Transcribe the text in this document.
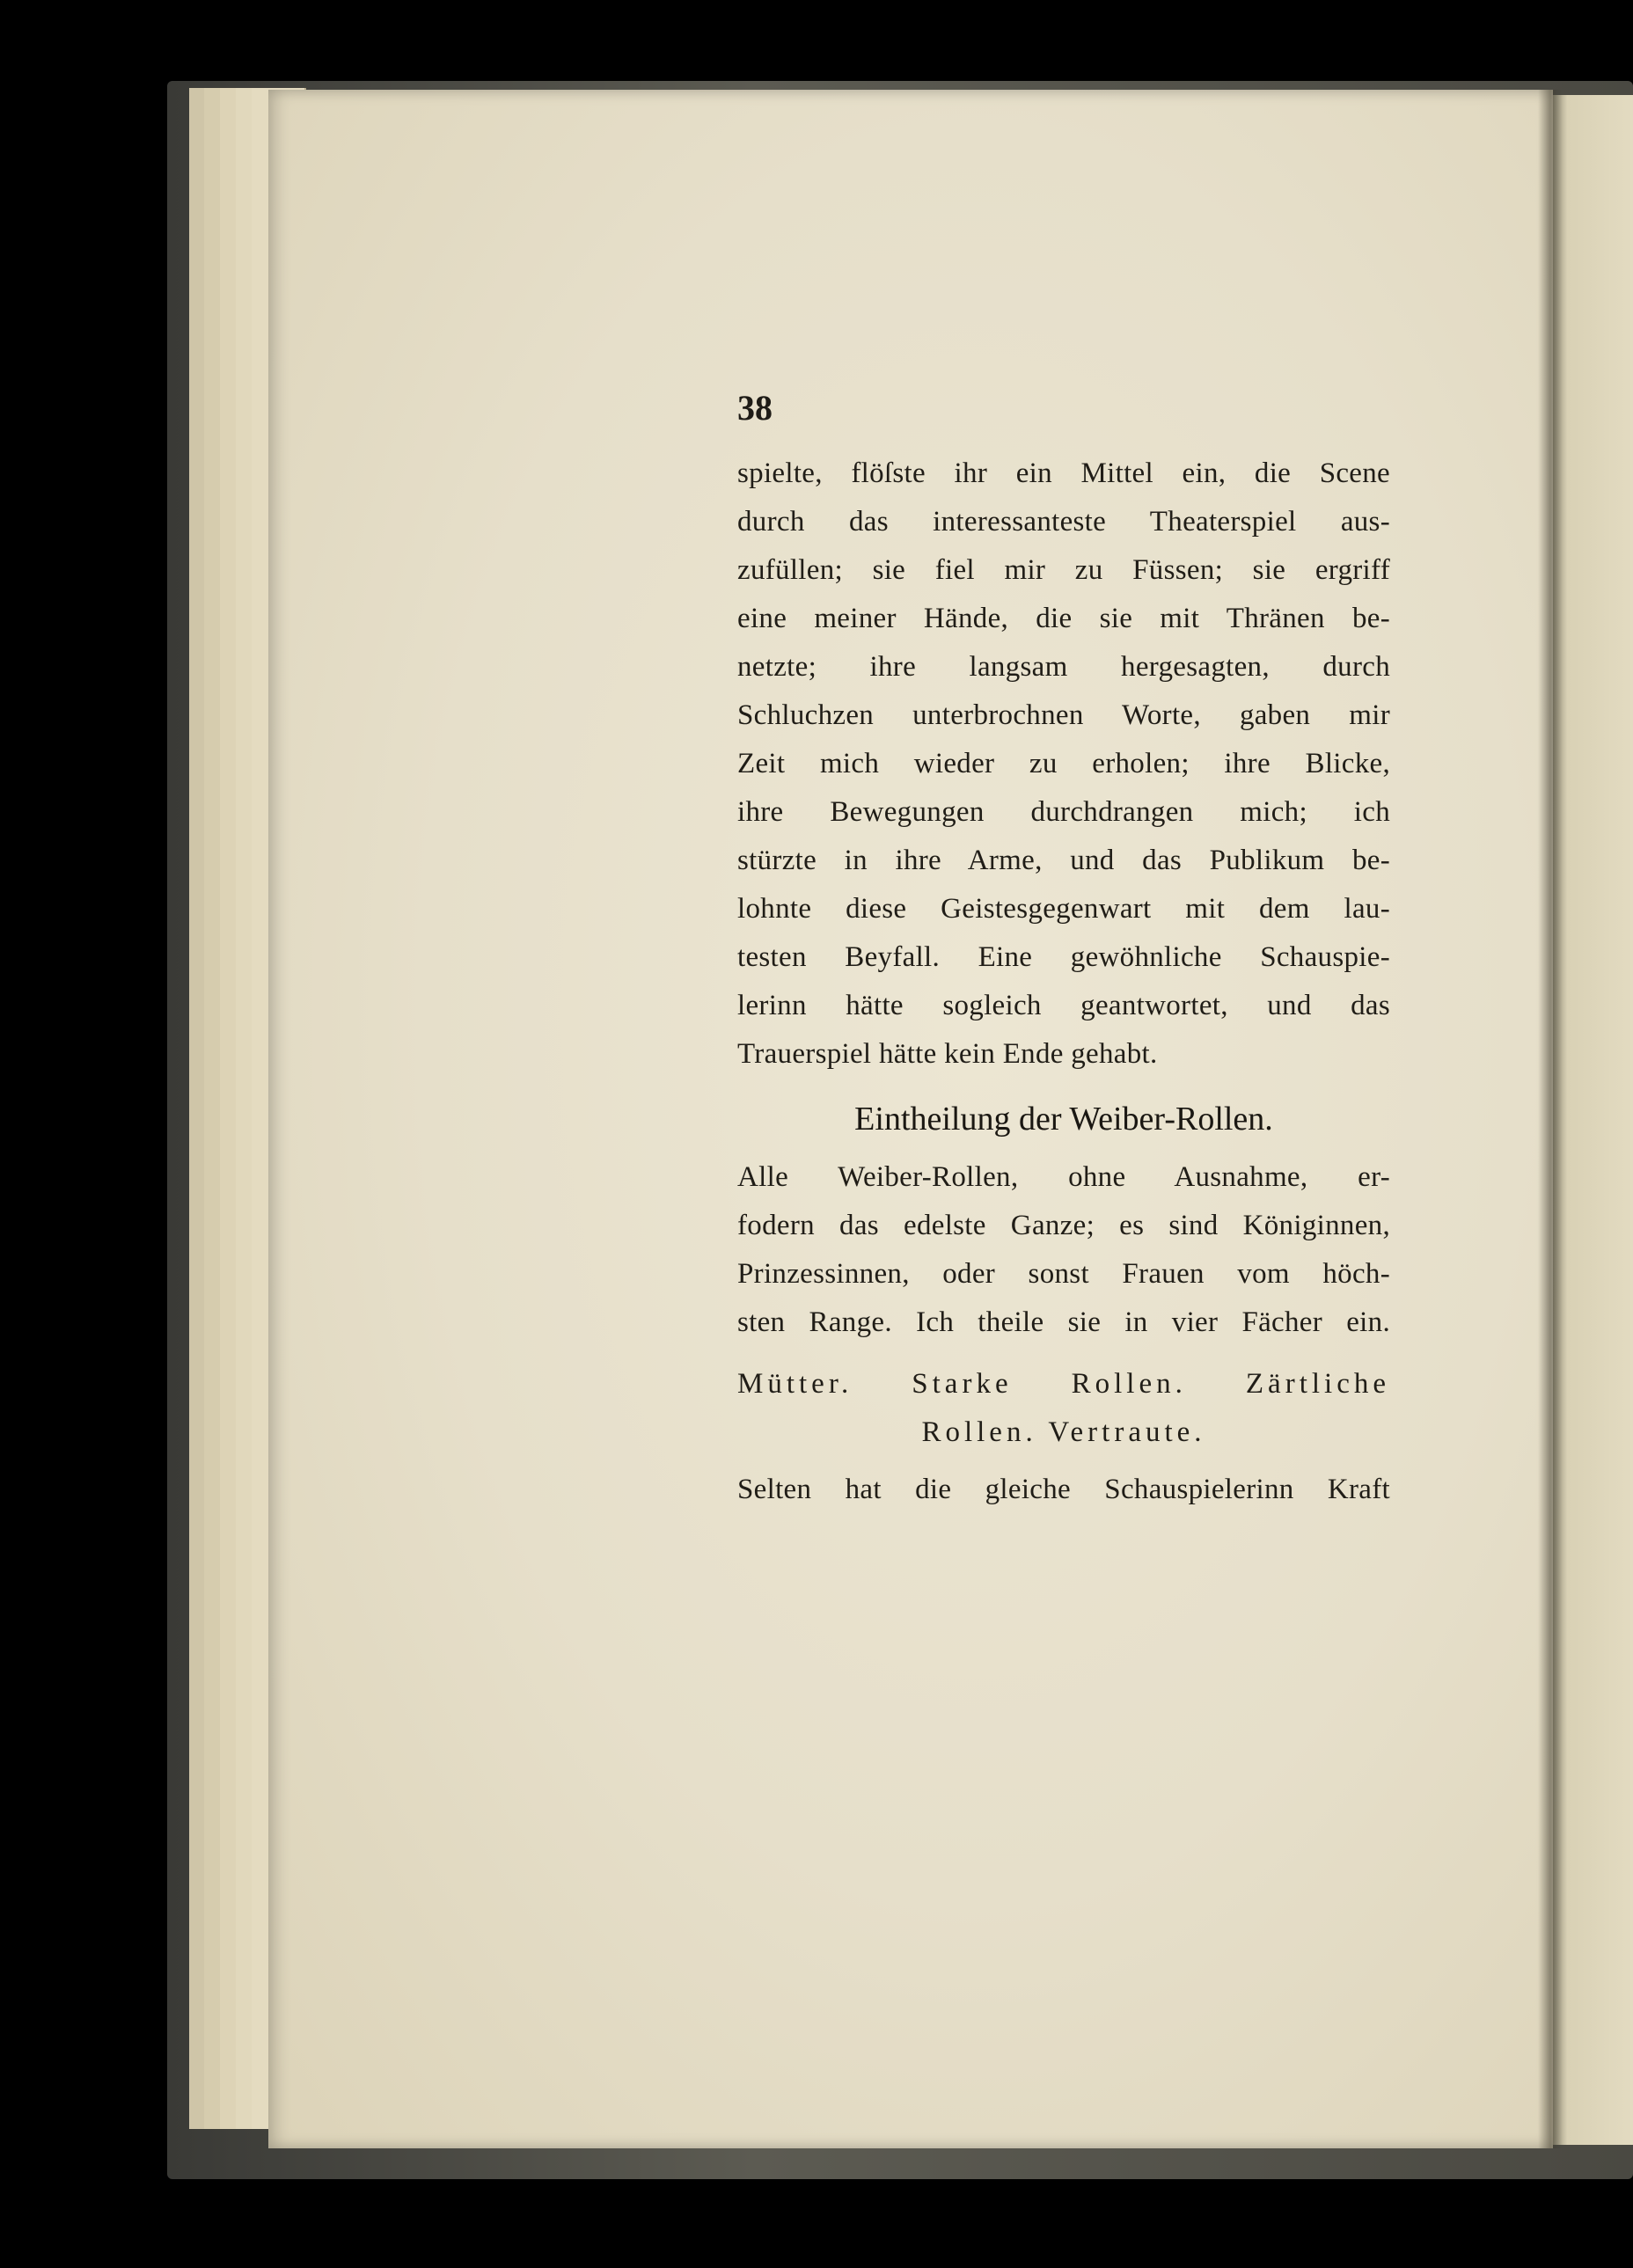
38
spielte, flöſste ihr ein Mittel ein, die Scene
durch das interessanteste Theaterspiel aus-
zufüllen; sie fiel mir zu Füssen; sie ergriff
eine meiner Hände, die sie mit Thränen be-
netzte; ihre langsam hergesagten, durch
Schluchzen unterbrochnen Worte, gaben mir
Zeit mich wieder zu erholen; ihre Blicke,
ihre Bewegungen durchdrangen mich; ich
stürzte in ihre Arme, und das Publikum be-
lohnte diese Geistesgegenwart mit dem lau-
testen Beyfall. Eine gewöhnliche Schauspie-
lerinn hätte sogleich geantwortet, und das
Trauerspiel hätte kein Ende gehabt.
Eintheilung der Weiber-Rollen.
Alle Weiber-Rollen, ohne Ausnahme, er-
fodern das edelste Ganze; es sind Königinnen,
Prinzessinnen, oder sonst Frauen vom höch-
sten Range. Ich theile sie in vier Fächer ein.
Mütter. Starke Rollen. Zärtliche
Rollen. Vertraute.
Selten hat die gleiche Schauspielerinn Kraft
